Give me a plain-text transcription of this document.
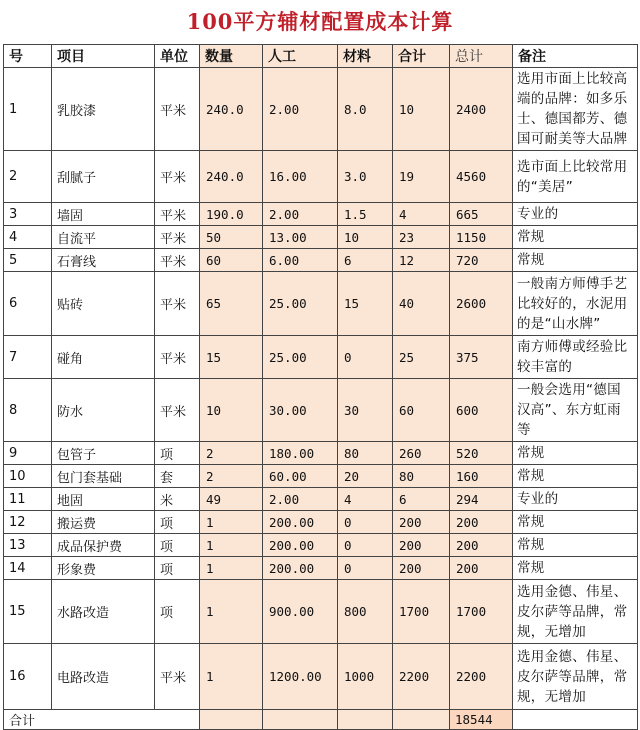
100平方辅材配置成本计算
号	项目	单位	数量	人工	材料	合计	总计	备注
1	乳胶漆	平米	240.0	2.00	8.0	10	2400	选用市面上比较高端的品牌：如多乐士、德国都芳、德国可耐美等大品牌
2	刮腻子	平米	240.0	16.00	3.0	19	4560	选市面上比较常用的“美居”
3	墙固	平米	190.0	2.00	1.5	4	665	专业的
4	自流平	平米	50	13.00	10	23	1150	常规
5	石膏线	平米	60	6.00	6	12	720	常规
6	贴砖	平米	65	25.00	15	40	2600	一般南方师傅手艺比较好的，水泥用的是“山水牌”
7	碰角	平米	15	25.00	0	25	375	南方师傅或经验比较丰富的
8	防水	平米	10	30.00	30	60	600	一般会选用“德国汉高”、东方虹雨等
9	包管子	项	2	180.00	80	260	520	常规
10	包门套基础	套	2	60.00	20	80	160	常规
11	地固	米	49	2.00	4	6	294	专业的
12	搬运费	项	1	200.00	0	200	200	常规
13	成品保护费	项	1	200.00	0	200	200	常规
14	形象费	项	1	200.00	0	200	200	常规
15	水路改造	项	1	900.00	800	1700	1700	选用金德、伟星、皮尔萨等品牌，常规，无增加
16	电路改造	平米	1	1200.00	1000	2200	2200	选用金德、伟星、皮尔萨等品牌，常规，无增加
合计							18544	
